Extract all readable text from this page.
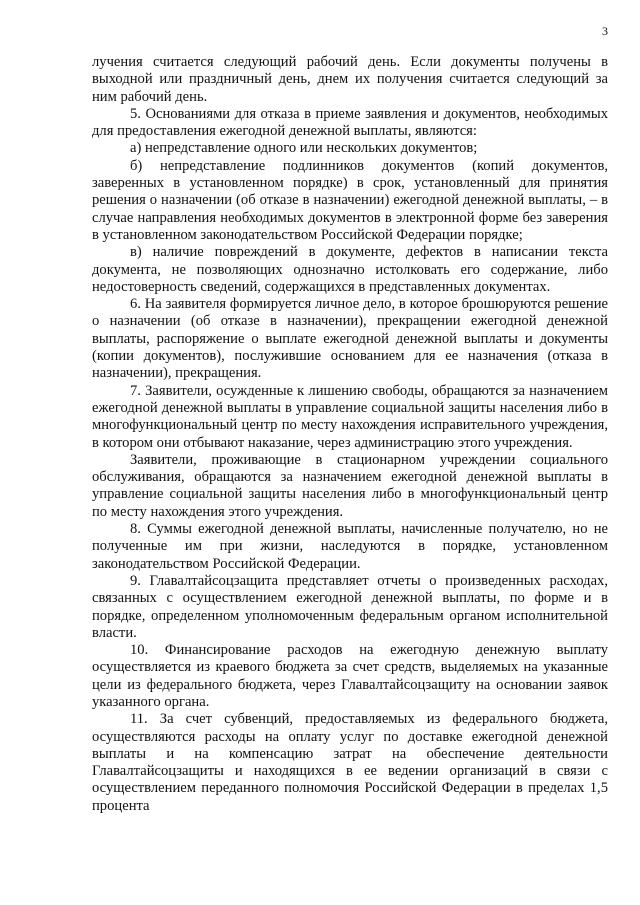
3

лучения считается следующий рабочий день. Если документы получены в выходной или праздничный день, днем их получения считается следующий за ним рабочий день.

5. Основаниями для отказа в приеме заявления и документов, необходимых для предоставления ежегодной денежной выплаты, являются:

а) непредставление одного или нескольких документов;

б) непредставление подлинников документов (копий документов, заверенных в установленном порядке) в срок, установленный для принятия решения о назначении (об отказе в назначении) ежегодной денежной выплаты, – в случае направления необходимых документов в электронной форме без заверения в установленном законодательством Российской Федерации порядке;

в) наличие повреждений в документе, дефектов в написании текста документа, не позволяющих однозначно истолковать его содержание, либо недостоверность сведений, содержащихся в представленных документах.

6. На заявителя формируется личное дело, в которое брошюруются решение о назначении (об отказе в назначении), прекращении ежегодной денежной выплаты, распоряжение о выплате ежегодной денежной выплаты и документы (копии документов), послужившие основанием для ее назначения (отказа в назначении), прекращения.

7. Заявители, осужденные к лишению свободы, обращаются за назначением ежегодной денежной выплаты в управление социальной защиты населения либо в многофункциональный центр по месту нахождения исправительного учреждения, в котором они отбывают наказание, через администрацию этого учреждения.

Заявители, проживающие в стационарном учреждении социального обслуживания, обращаются за назначением ежегодной денежной выплаты в управление социальной защиты населения либо в многофункциональный центр по месту нахождения этого учреждения.

8. Суммы ежегодной денежной выплаты, начисленные получателю, но не полученные им при жизни, наследуются в порядке, установленном законодательством Российской Федерации.

9. Главалтайсоцзащита представляет отчеты о произведенных расходах, связанных с осуществлением ежегодной денежной выплаты, по форме и в порядке, определенном уполномоченным федеральным органом исполнительной власти.

10. Финансирование расходов на ежегодную денежную выплату осуществляется из краевого бюджета за счет средств, выделяемых на указанные цели из федерального бюджета, через Главалтайсоцзащиту на основании заявок указанного органа.

11. За счет субвенций, предоставляемых из федерального бюджета, осуществляются расходы на оплату услуг по доставке ежегодной денежной выплаты и на компенсацию затрат на обеспечение деятельности Главалтайсоцзащиты и находящихся в ее ведении организаций в связи с осуществлением переданного полномочия Российской Федерации в пределах 1,5 процента
